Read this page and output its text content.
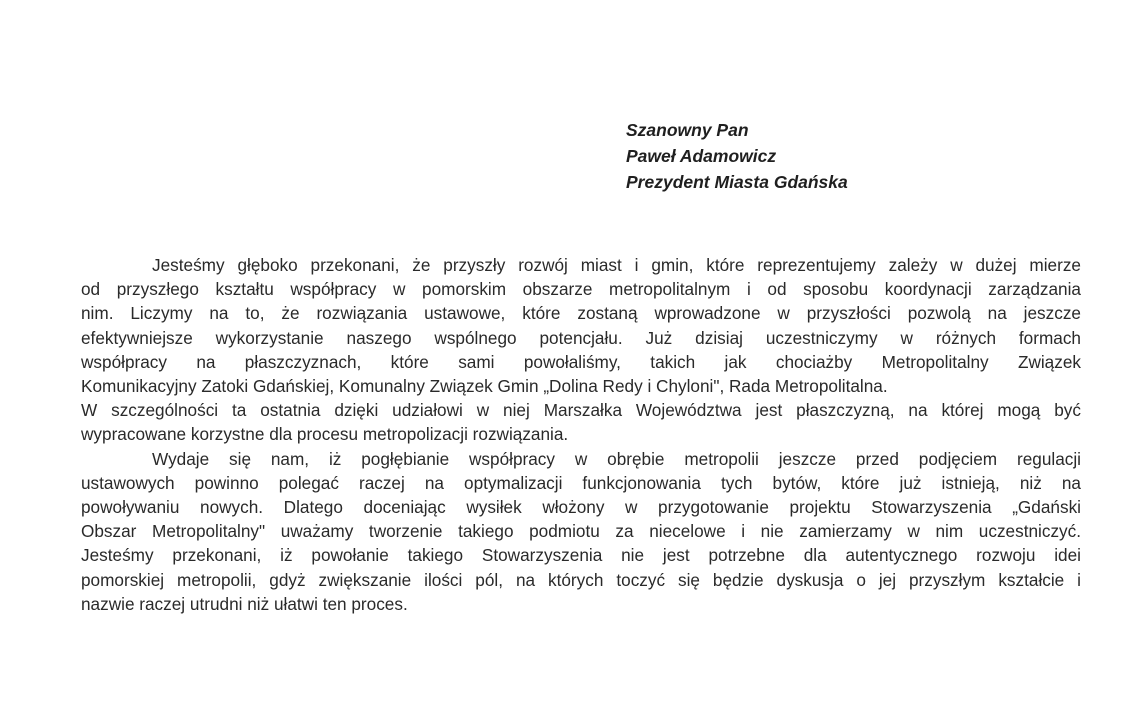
Szanowny Pan
Paweł Adamowicz
Prezydent Miasta Gdańska
Jesteśmy głęboko przekonani, że przyszły rozwój miast i gmin, które reprezentujemy zależy w dużej mierze
od przyszłego kształtu współpracy w pomorskim obszarze metropolitalnym i od sposobu koordynacji zarządzania
nim. Liczymy na to, że rozwiązania ustawowe, które zostaną wprowadzone w przyszłości pozwolą na jeszcze
efektywniejsze wykorzystanie naszego wspólnego potencjału. Już dzisiaj uczestniczymy w różnych formach
współpracy na płaszczyznach, które sami powołaliśmy, takich jak chociażby Metropolitalny Związek
Komunikacyjny Zatoki Gdańskiej, Komunalny Związek Gmin „Dolina Redy i Chyloni", Rada Metropolitalna.
W szczególności ta ostatnia dzięki udziałowi w niej Marszałka Województwa jest płaszczyzną, na której mogą być
wypracowane korzystne dla procesu metropolizacji rozwiązania.
Wydaje się nam, iż pogłębianie współpracy w obrębie metropolii jeszcze przed podjęciem regulacji
ustawowych powinno polegać raczej na optymalizacji funkcjonowania tych bytów, które już istnieją, niż na
powoływaniu nowych. Dlatego doceniając wysiłek włożony w przygotowanie projektu Stowarzyszenia „Gdański
Obszar Metropolitalny" uważamy tworzenie takiego podmiotu za niecelowe i nie zamierzamy w nim uczestniczyć.
Jesteśmy przekonani, iż powołanie takiego Stowarzyszenia nie jest potrzebne dla autentycznego rozwoju idei
pomorskiej metropolii, gdyż zwiększanie ilości pól, na których toczyć się będzie dyskusja o jej przyszłym kształcie i
nazwie raczej utrudni niż ułatwi ten proces.
